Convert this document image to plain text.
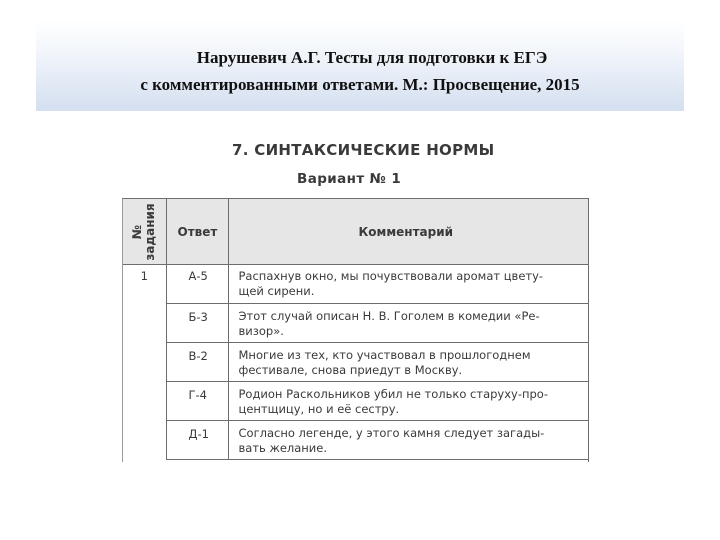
Нарушевич А.Г. Тесты для подготовки к ЕГЭ
с комментированными ответами. М.: Просвещение, 2015
7. СИНТАКСИЧЕСКИЕ НОРМЫ
Вариант № 1
№ задания	Ответ	Комментарий
1	А-5	Распахнув окно, мы почувствовали аромат цвету-
щей сирени.

	Б-3	Этот случай описан Н. В. Гоголем в комедии «Ре-
визор».

	В-2	Многие из тех, кто участвовал в прошлогоднем
фестивале, снова приедут в Москву.

	Г-4	Родион Раскольников убил не только старуху-про-
центщицу, но и её сестру.

	Д-1	Согласно легенде, у этого камня следует загады-
вать желание.
